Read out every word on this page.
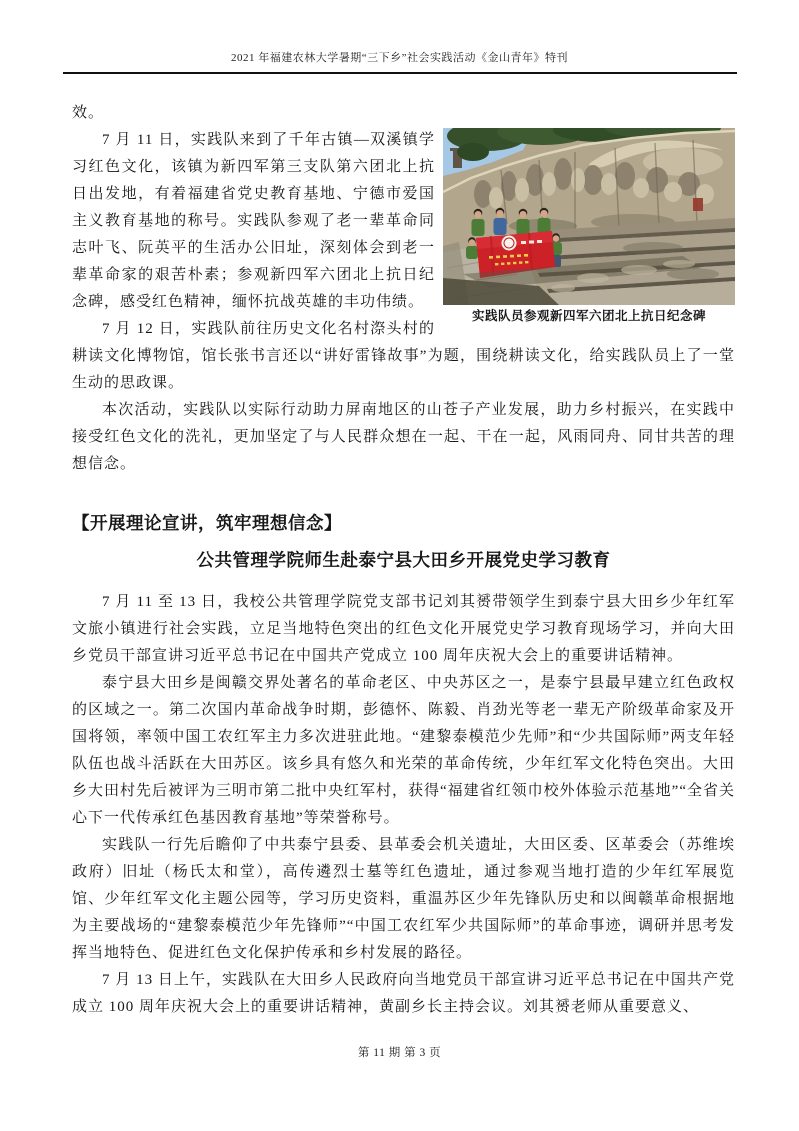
2021 年福建农林大学暑期“三下乡”社会实践活动《金山青年》特刊

效。

实践队员参观新四军六团北上抗日纪念碑

7 月 11 日，实践队来到了千年古镇—双溪镇学习红色文化，该镇为新四军第三支队第六团北上抗日出发地，有着福建省党史教育基地、宁德市爱国主义教育基地的称号。实践队参观了老一辈革命同志叶飞、阮英平的生活办公旧址，深刻体会到老一辈革命家的艰苦朴素；参观新四军六团北上抗日纪念碑，感受红色精神，缅怀抗战英雄的丰功伟绩。

7 月 12 日，实践队前往历史文化名村漈头村的耕读文化博物馆，馆长张书言还以“讲好雷锋故事”为题，围绕耕读文化，给实践队员上了一堂生动的思政课。

本次活动，实践队以实际行动助力屏南地区的山苍子产业发展，助力乡村振兴，在实践中接受红色文化的洗礼，更加坚定了与人民群众想在一起、干在一起，风雨同舟、同甘共苦的理想信念。

【开展理论宣讲，筑牢理想信念】
公共管理学院师生赴泰宁县大田乡开展党史学习教育

7 月 11 至 13 日，我校公共管理学院党支部书记刘其赟带领学生到泰宁县大田乡少年红军文旅小镇进行社会实践，立足当地特色突出的红色文化开展党史学习教育现场学习，并向大田乡党员干部宣讲习近平总书记在中国共产党成立 100 周年庆祝大会上的重要讲话精神。

泰宁县大田乡是闽赣交界处著名的革命老区、中央苏区之一，是泰宁县最早建立红色政权的区域之一。第二次国内革命战争时期，彭德怀、陈毅、肖劲光等老一辈无产阶级革命家及开国将领，率领中国工农红军主力多次进驻此地。“建黎泰模范少先师”和“少共国际师”两支年轻队伍也战斗活跃在大田苏区。该乡具有悠久和光荣的革命传统，少年红军文化特色突出。大田乡大田村先后被评为三明市第二批中央红军村，获得“福建省红领巾校外体验示范基地”“全省关心下一代传承红色基因教育基地”等荣誉称号。

实践队一行先后瞻仰了中共泰宁县委、县革委会机关遗址，大田区委、区革委会（苏维埃政府）旧址（杨氏太和堂），高传遴烈士墓等红色遗址，通过参观当地打造的少年红军展览馆、少年红军文化主题公园等，学习历史资料，重温苏区少年先锋队历史和以闽赣革命根据地为主要战场的“建黎泰模范少年先锋师”“中国工农红军少共国际师”的革命事迹，调研并思考发挥当地特色、促进红色文化保护传承和乡村发展的路径。

7 月 13 日上午，实践队在大田乡人民政府向当地党员干部宣讲习近平总书记在中国共产党成立 100 周年庆祝大会上的重要讲话精神，黄副乡长主持会议。刘其赟老师从重要意义、

第 11 期 第 3 页
